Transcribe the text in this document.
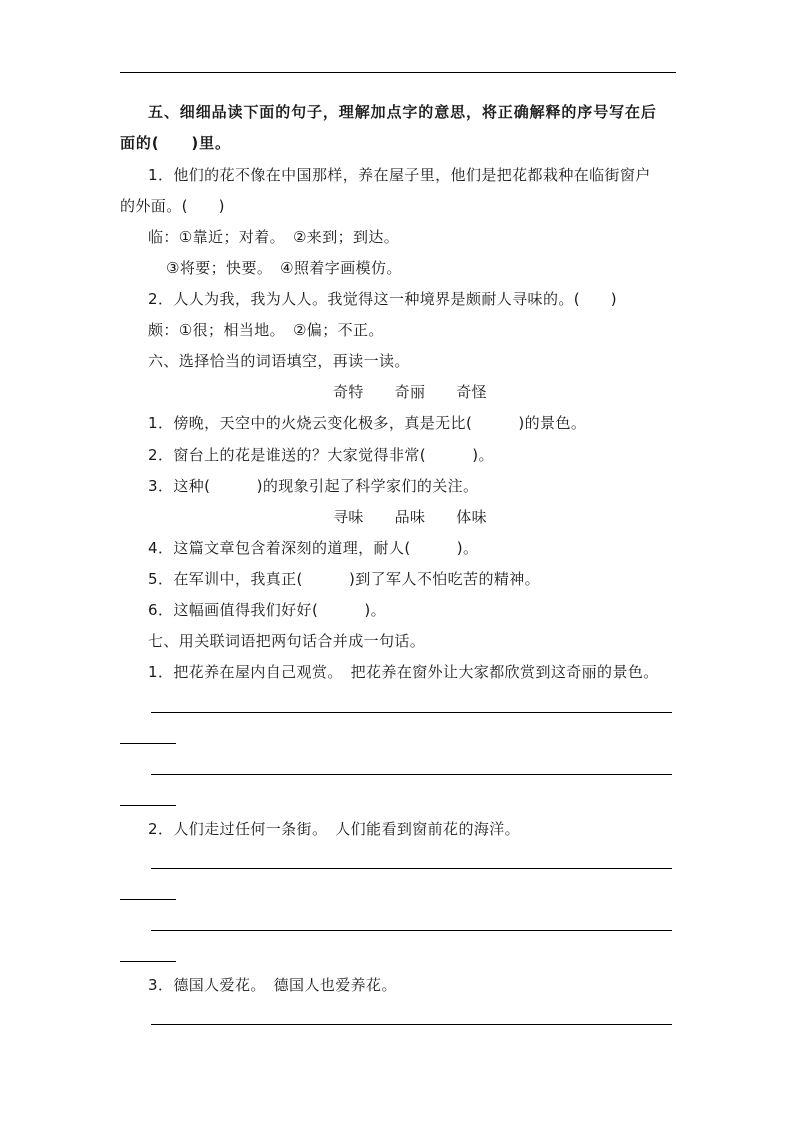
五、细细品读下面的句子，理解加点字的意思，将正确解释的序号写在后
面的(　　)里。
1．他们的花不像在中国那样，养在屋子里，他们是把花都栽种在临街窗户
的外面。(　　)
临：①靠近；对着。　②来到；到达。
③将要；快要。　④照着字画模仿。
2．人人为我，我为人人。我觉得这一种境界是颇耐人寻味的。(　　)
颇：①很；相当地。　②偏；不正。
六、选择恰当的词语填空，再读一读。
奇特　　奇丽　　奇怪
1．傍晚，天空中的火烧云变化极多，真是无比(　　　)的景色。
2．窗台上的花是谁送的？大家觉得非常(　　　)。
3．这种(　　　)的现象引起了科学家们的关注。
寻味　　品味　　体味
4．这篇文章包含着深刻的道理，耐人(　　　)。
5．在军训中，我真正(　　　)到了军人不怕吃苦的精神。
6．这幅画值得我们好好(　　　)。
七、用关联词语把两句话合并成一句话。
1．把花养在屋内自己观赏。　把花养在窗外让大家都欣赏到这奇丽的景色。
2．人们走过任何一条街。　人们能看到窗前花的海洋。
3．德国人爱花。　德国人也爱养花。
